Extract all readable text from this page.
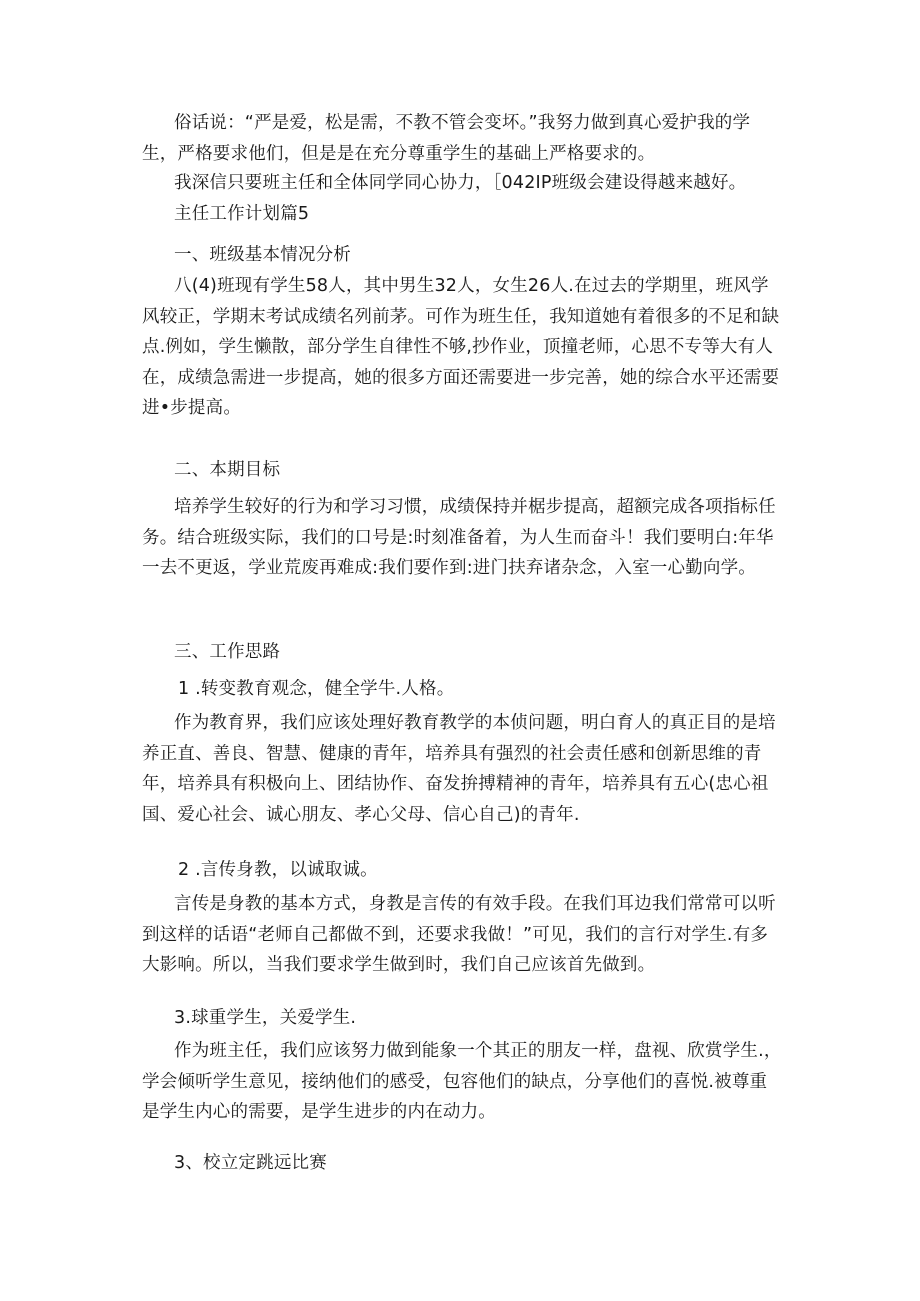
俗话说：“严是爱，松是需，不教不管会变坏。”我努力做到真心爱护我的学生，严格要求他们，但是是在充分尊重学生的基础上严格要求的。

我深信只要班主任和全体同学同心协力，［042IP班级会建设得越来越好。
主任工作计划篇5
一、班级基本情况分析

八(4)班现有学生58人，其中男生32人，女生26人.在过去的学期里，班风学风较正，学期末考试成绩名列前茅。可作为班生任，我知道她有着很多的不足和缺点.例如，学生懒散，部分学生自律性不够,抄作业，顶撞老师，心思不专等大有人在，成绩急需进一步提高，她的很多方面还需要进一步完善，她的综合水平还需要进•步提高。

二、本期目标

培养学生较好的行为和学习习惯，成绩保持并椐步提高，超额完成各项指标任务。结合班级实际，我们的口号是:时刻准备着，为人生而奋斗！我们要明白:年华一去不更返，学业荒废再难成:我们要作到:进门扶弃诸杂念，入室一心勤向学。

三、工作思路
1 .转变教育观念，健全学牛.人格。

作为教育界，我们应该处理好教育教学的本侦问题，明白育人的真正目的是培养正直、善良、智慧、健康的青年，培养具有强烈的社会责任感和创新思维的青年，培养具有积极向上、团结协作、奋发拚搏精神的青年，培养具有五心(忠心祖国、爱心社会、诚心朋友、孝心父母、信心自己)的青年.

2 .言传身教，以诚取诚。

言传是身教的基本方式，身教是言传的有效手段。在我们耳边我们常常可以听到这样的话语“老师自己都做不到，还要求我做！”可见，我们的言行对学生.有多大影响。所以，当我们要求学生做到时，我们自己应该首先做到。

3.球重学生，关爱学生.

作为班主任，我们应该努力做到能象一个其正的朋友一样，盘视、欣赏学生.，学会倾听学生意见，接纳他们的感受，包容他们的缺点，分享他们的喜悦.被尊重是学生内心的需要，是学生进步的内在动力。

3、校立定跳远比赛
